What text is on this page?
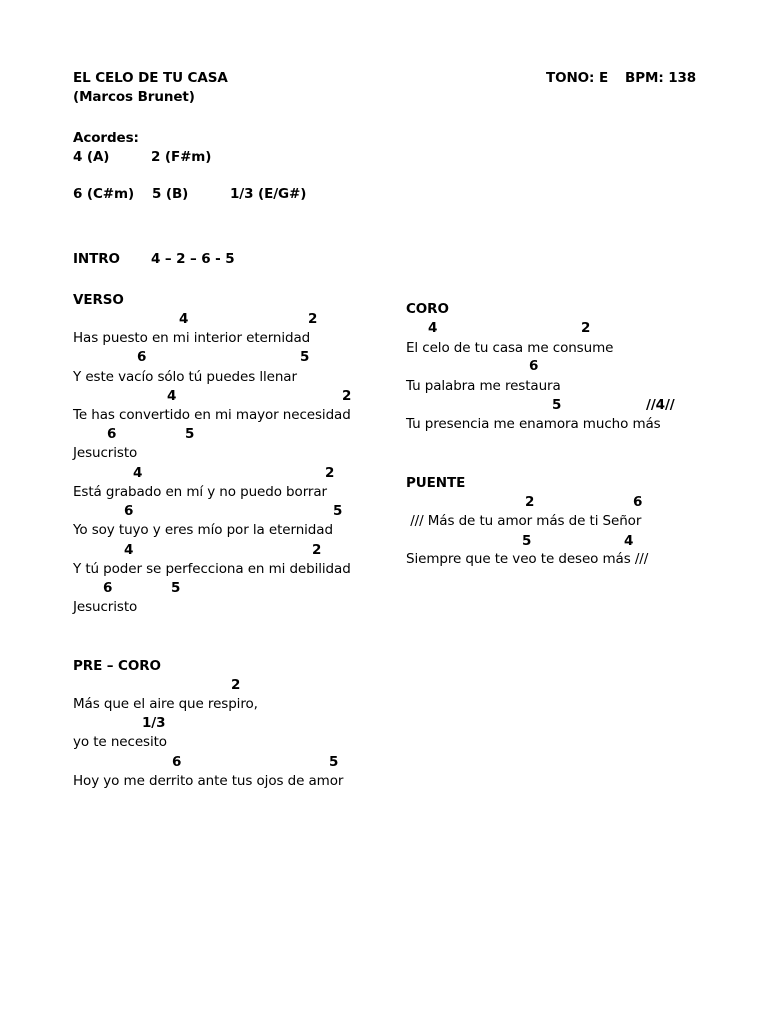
EL CELO DE TU CASA
(Marcos Brunet)
TONO: E BPM: 138
Acordes:
4 (A)	2 (F#m)
6 (C#m) 5 (B)	1/3 (E/G#)
INTRO 4 – 2 – 6 - 5
VERSO
4	2
Has puesto en mi interior eternidad
6	5
Y este vacío sólo tú puedes llenar
4	2
Te has convertido en mi mayor necesidad
6	5
Jesucristo
4	2
Está grabado en mí y no puedo borrar
6	5
Yo soy tuyo y eres mío por la eternidad
4	2
Y tú poder se perfecciona en mi debilidad
6	5
Jesucristo
PRE – CORO
2
Más que el aire que respiro,
1/3
yo te necesito
6	5
Hoy yo me derrito ante tus ojos de amor
CORO
4	2
El celo de tu casa me consume
6
Tu palabra me restaura
5	//4//
Tu presencia me enamora mucho más
PUENTE
2	6
/// Más de tu amor más de ti Señor
5	4
Siempre que te veo te deseo más ///
